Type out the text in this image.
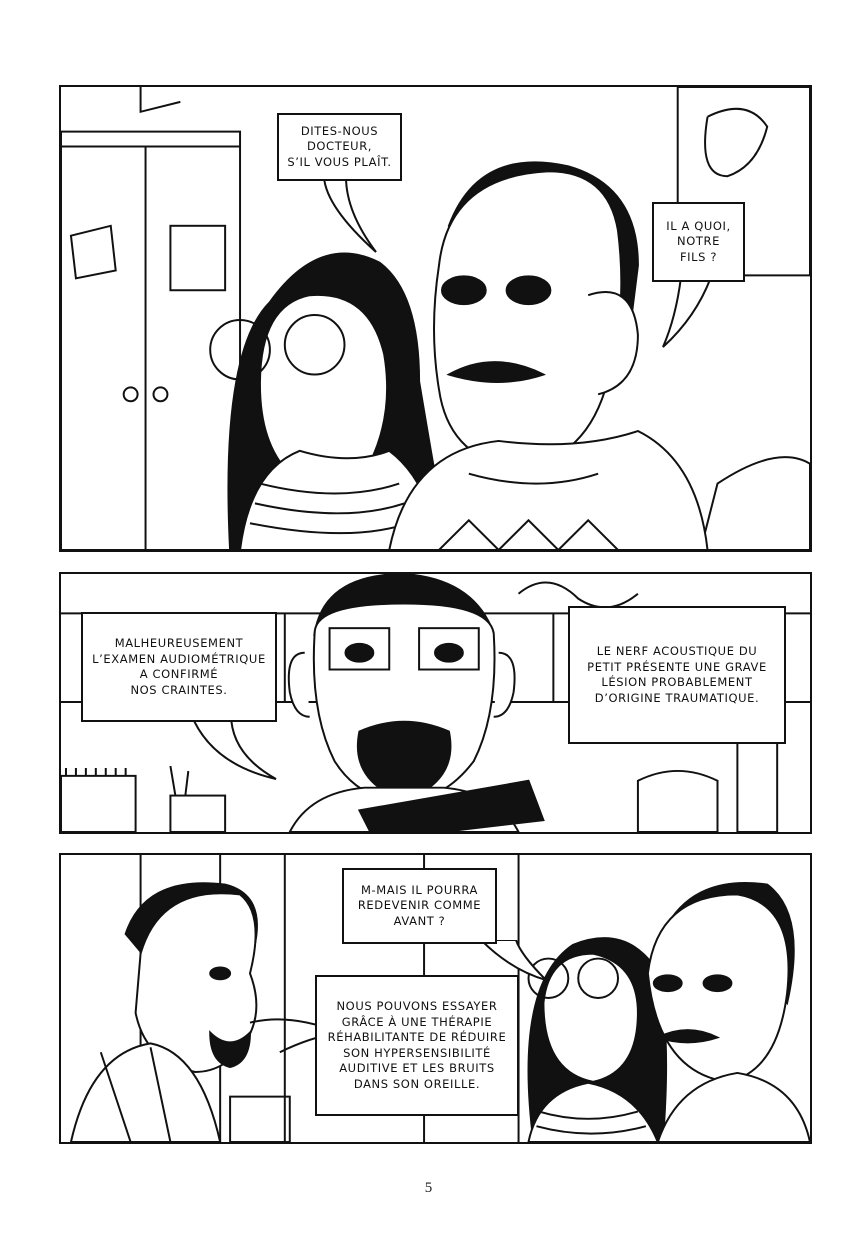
DITES-NOUS
DOCTEUR,
S’IL VOUS PLAÎT.
IL A QUOI,
NOTRE
FILS ?
MALHEUREUSEMENT
L’EXAMEN AUDIOMÉTRIQUE
A CONFIRMÉ
NOS CRAINTES.
LE NERF ACOUSTIQUE DU
PETIT PRÉSENTE UNE GRAVE
LÉSION PROBABLEMENT
D’ORIGINE TRAUMATIQUE.
M-MAIS IL POURRA
REDEVENIR COMME
AVANT ?
NOUS POUVONS ESSAYER
GRÂCE À UNE THÉRAPIE
RÉHABILITANTE DE RÉDUIRE
SON HYPERSENSIBILITÉ
AUDITIVE ET LES BRUITS
DANS SON OREILLE.
5
